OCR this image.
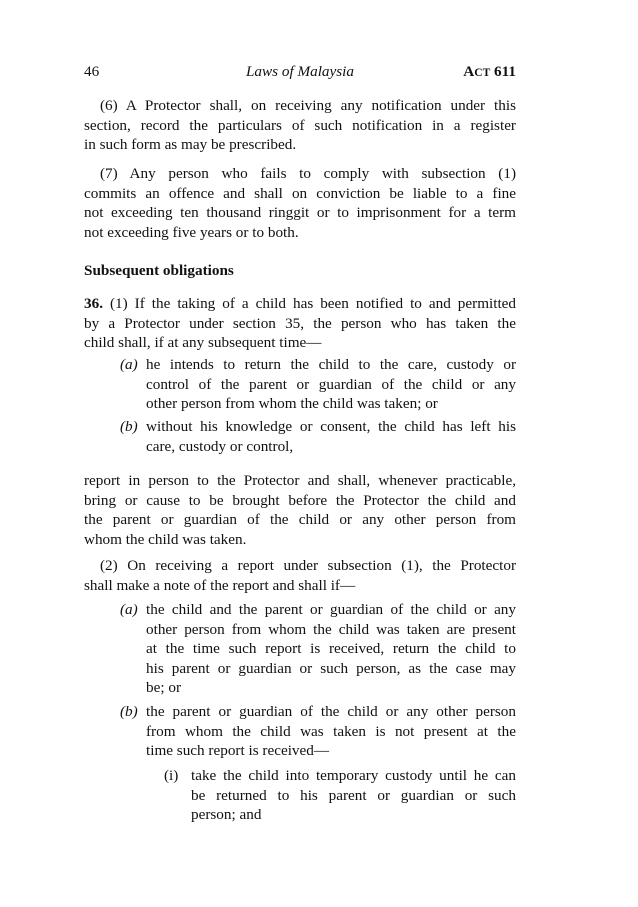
46	Laws of Malaysia	ACT 611
(6) A Protector shall, on receiving any notification under this
section, record the particulars of such notification in a register
in such form as may be prescribed.
(7) Any person who fails to comply with subsection (1)
commits an offence and shall on conviction be liable to a fine
not exceeding ten thousand ringgit or to imprisonment for a term
not exceeding five years or to both.
Subsequent obligations
36. (1) If the taking of a child has been notified to and permitted
by a Protector under section 35, the person who has taken the
child shall, if at any subsequent time—
(a) he intends to return the child to the care, custody or
control of the parent or guardian of the child or any
other person from whom the child was taken; or
(b) without his knowledge or consent, the child has left his
care, custody or control,
report in person to the Protector and shall, whenever practicable,
bring or cause to be brought before the Protector the child and
the parent or guardian of the child or any other person from
whom the child was taken.
(2) On receiving a report under subsection (1), the Protector
shall make a note of the report and shall if—
(a) the child and the parent or guardian of the child or any
other person from whom the child was taken are present
at the time such report is received, return the child to
his parent or guardian or such person, as the case may
be; or
(b) the parent or guardian of the child or any other person
from whom the child was taken is not present at the
time such report is received—
(i) take the child into temporary custody until he can
be returned to his parent or guardian or such
person; and
